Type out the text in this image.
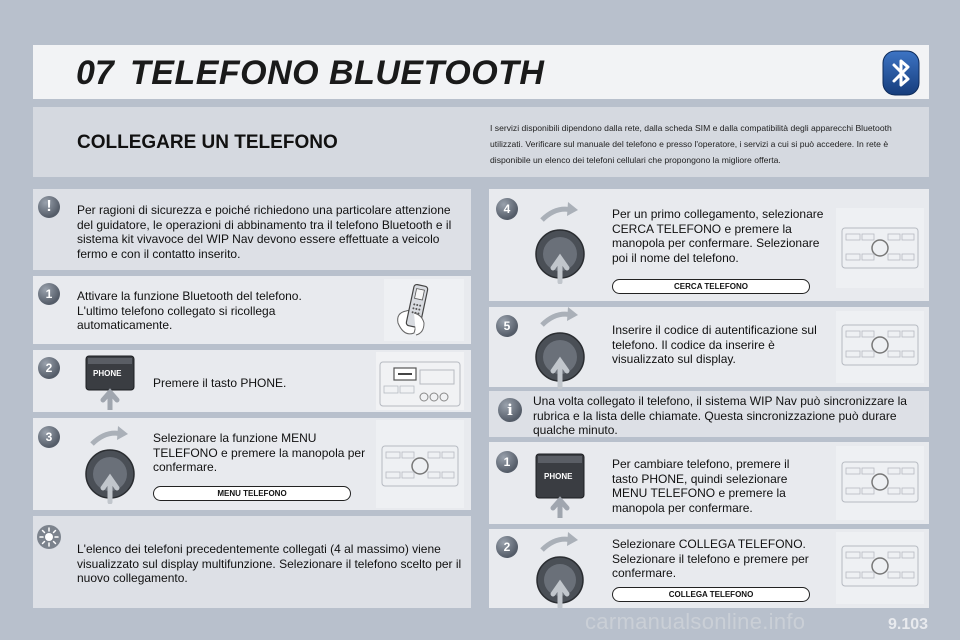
07 TELEFONO BLUETOOTH
COLLEGARE UN TELEFONO
I servizi disponibili dipendono dalla rete, dalla scheda SIM e dalla compatibilità degli apparecchi Bluetooth utilizzati. Verificare sul manuale del telefono e presso l'operatore, i servizi a cui si può accedere. In rete è disponibile un elenco dei telefoni cellulari che propongono la migliore offerta.
!	Per ragioni di sicurezza e poiché richiedono una particolare attenzione del guidatore, le operazioni di abbinamento tra il telefono Bluetooth e il sistema kit vivavoce del WIP Nav devono essere effettuate a veicolo fermo e con il contatto inserito.
1	Attivare la funzione Bluetooth del telefono. L'ultimo telefono collegato si ricollega automaticamente.
2	PHONE
Premere il tasto PHONE.
3	Selezionare la funzione MENU TELEFONO e premere la manopola per confermare.
MENU TELEFONO
L'elenco dei telefoni precedentemente collegati (4 al massimo) viene visualizzato sul display multifunzione. Selezionare il telefono scelto per il nuovo collegamento.
4	Per un primo collegamento, selezionare CERCA TELEFONO e premere la manopola per confermare. Selezionare poi il nome del telefono.
CERCA TELEFONO
5	Inserire il codice di autentificazione sul telefono. Il codice da inserire è visualizzato sul display.
i	Una volta collegato il telefono, il sistema WIP Nav può sincronizzare la rubrica e la lista delle chiamate. Questa sincronizzazione può durare qualche minuto.
1
PHONE
Per cambiare telefono, premere il tasto PHONE, quindi selezionare MENU TELEFONO e premere la manopola per confermare.
2	Selezionare COLLEGA TELEFONO. Selezionare il telefono e premere per confermare.
COLLEGA TELEFONO
carmanualsonline.info	9.103
